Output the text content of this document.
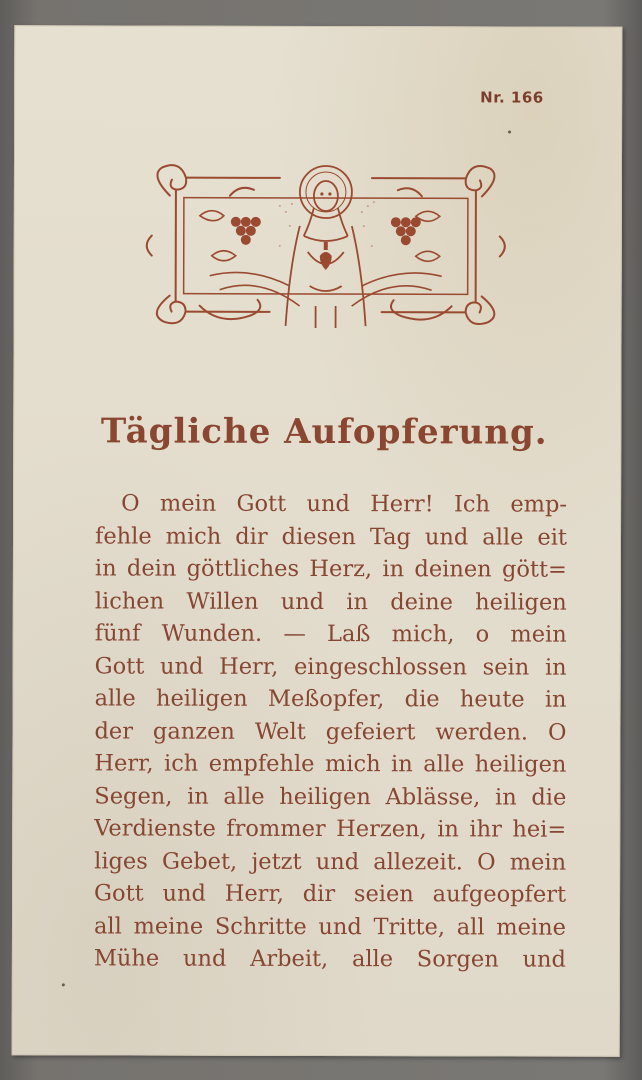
Nr. 166
Tägliche Aufopferung.
O mein Gott und Herr! Ich emp-
fehle mich dir diesen Tag und alle eit
in dein göttliches Herz, in deinen gött=
lichen Willen und in deine heiligen
fünf Wunden. — Laß mich, o mein
Gott und Herr, eingeschlossen sein in
alle heiligen Meßopfer, die heute in
der ganzen Welt gefeiert werden. O
Herr, ich empfehle mich in alle heiligen
Segen, in alle heiligen Ablässe, in die
Verdienste frommer Herzen, in ihr hei=
liges Gebet, jetzt und allezeit. O mein
Gott und Herr, dir seien aufgeopfert
all meine Schritte und Tritte, all meine
Mühe und Arbeit, alle Sorgen und
